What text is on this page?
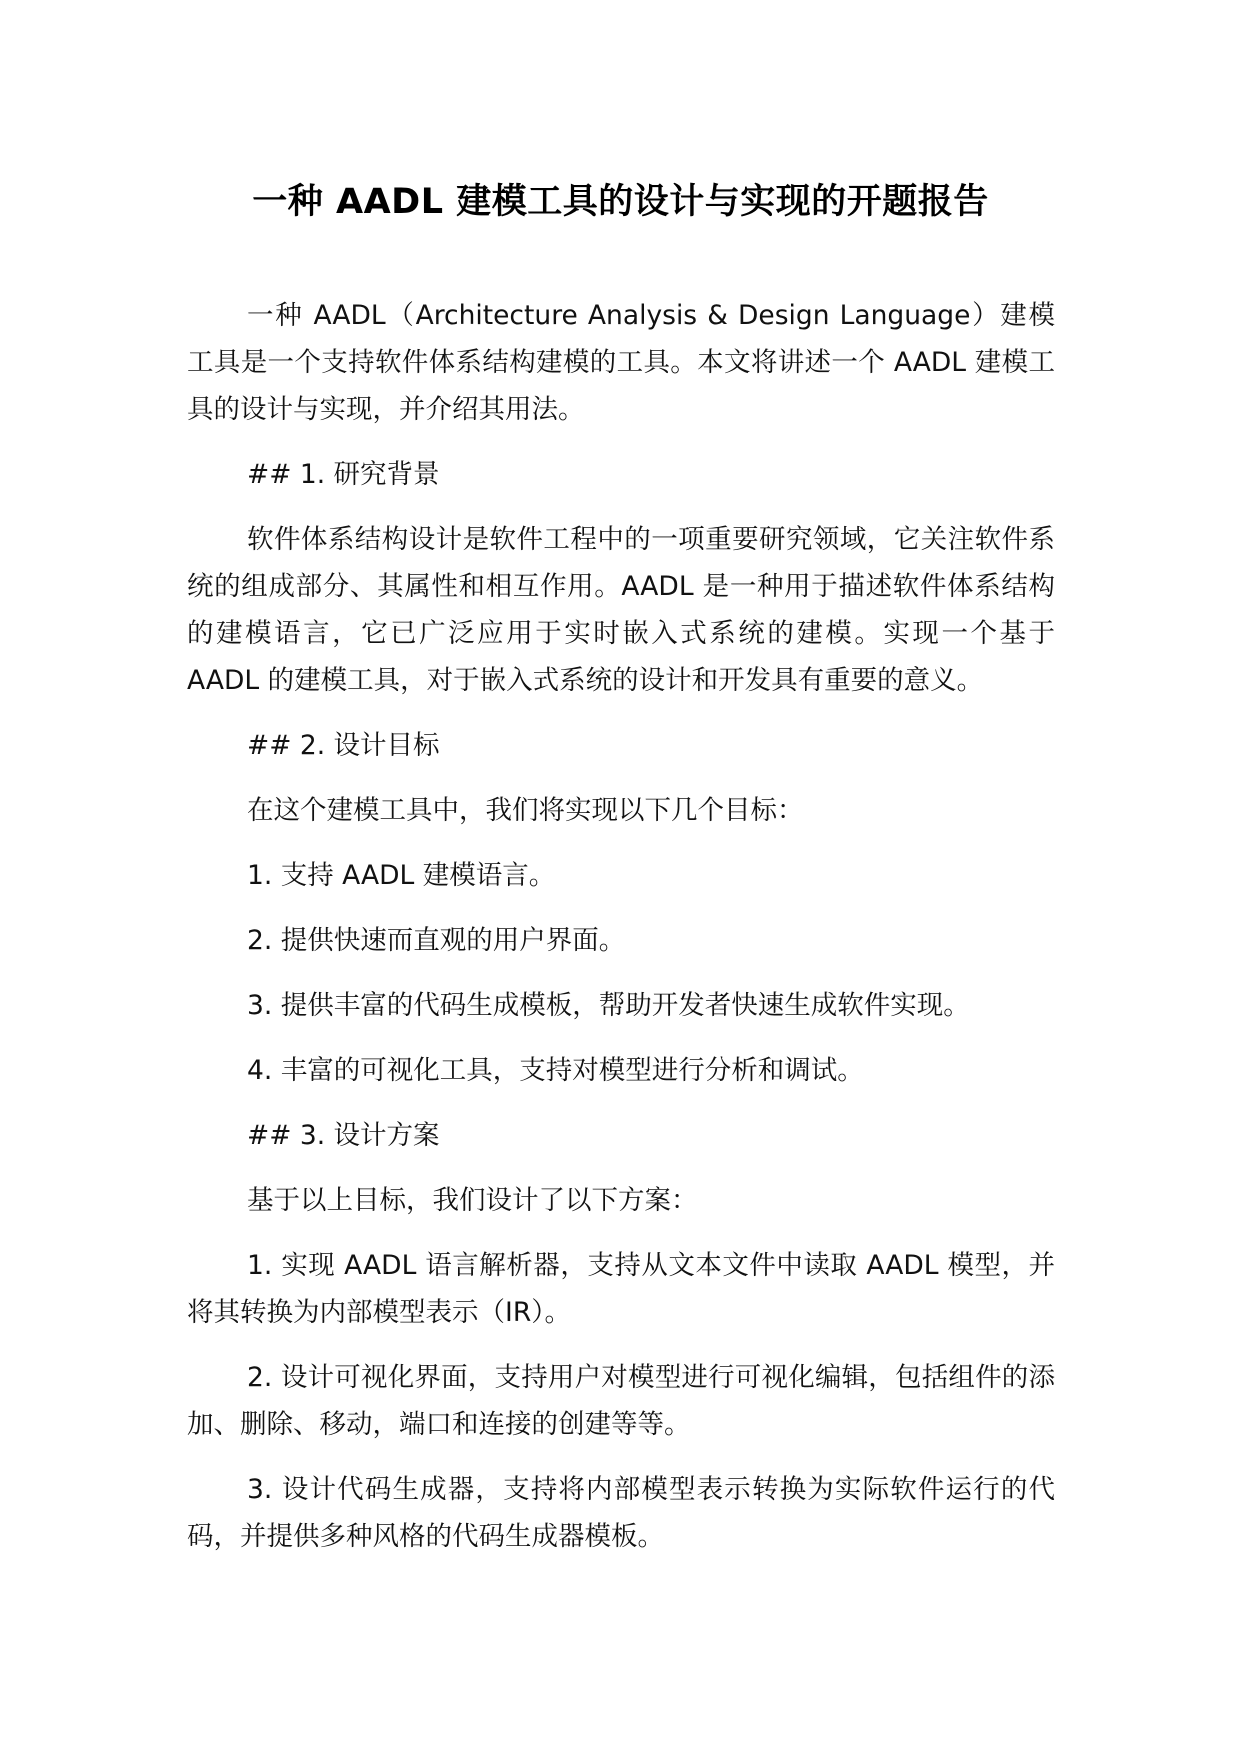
一种 AADL 建模工具的设计与实现的开题报告

一种 AADL（Architecture Analysis & Design Language）建模工具是一个支持软件体系结构建模的工具。本文将讲述一个 AADL 建模工具的设计与实现，并介绍其用法。

## 1. 研究背景

软件体系结构设计是软件工程中的一项重要研究领域，它关注软件系统的组成部分、其属性和相互作用。AADL 是一种用于描述软件体系结构的建模语言，它已广泛应用于实时嵌入式系统的建模。实现一个基于 AADL 的建模工具，对于嵌入式系统的设计和开发具有重要的意义。

## 2. 设计目标

在这个建模工具中，我们将实现以下几个目标：

1. 支持 AADL 建模语言。

2. 提供快速而直观的用户界面。

3. 提供丰富的代码生成模板，帮助开发者快速生成软件实现。

4. 丰富的可视化工具，支持对模型进行分析和调试。

## 3. 设计方案

基于以上目标，我们设计了以下方案：

1. 实现 AADL 语言解析器，支持从文本文件中读取 AADL 模型，并将其转换为内部模型表示（IR）。

2. 设计可视化界面，支持用户对模型进行可视化编辑，包括组件的添加、删除、移动，端口和连接的创建等等。

3. 设计代码生成器，支持将内部模型表示转换为实际软件运行的代码，并提供多种风格的代码生成器模板。
